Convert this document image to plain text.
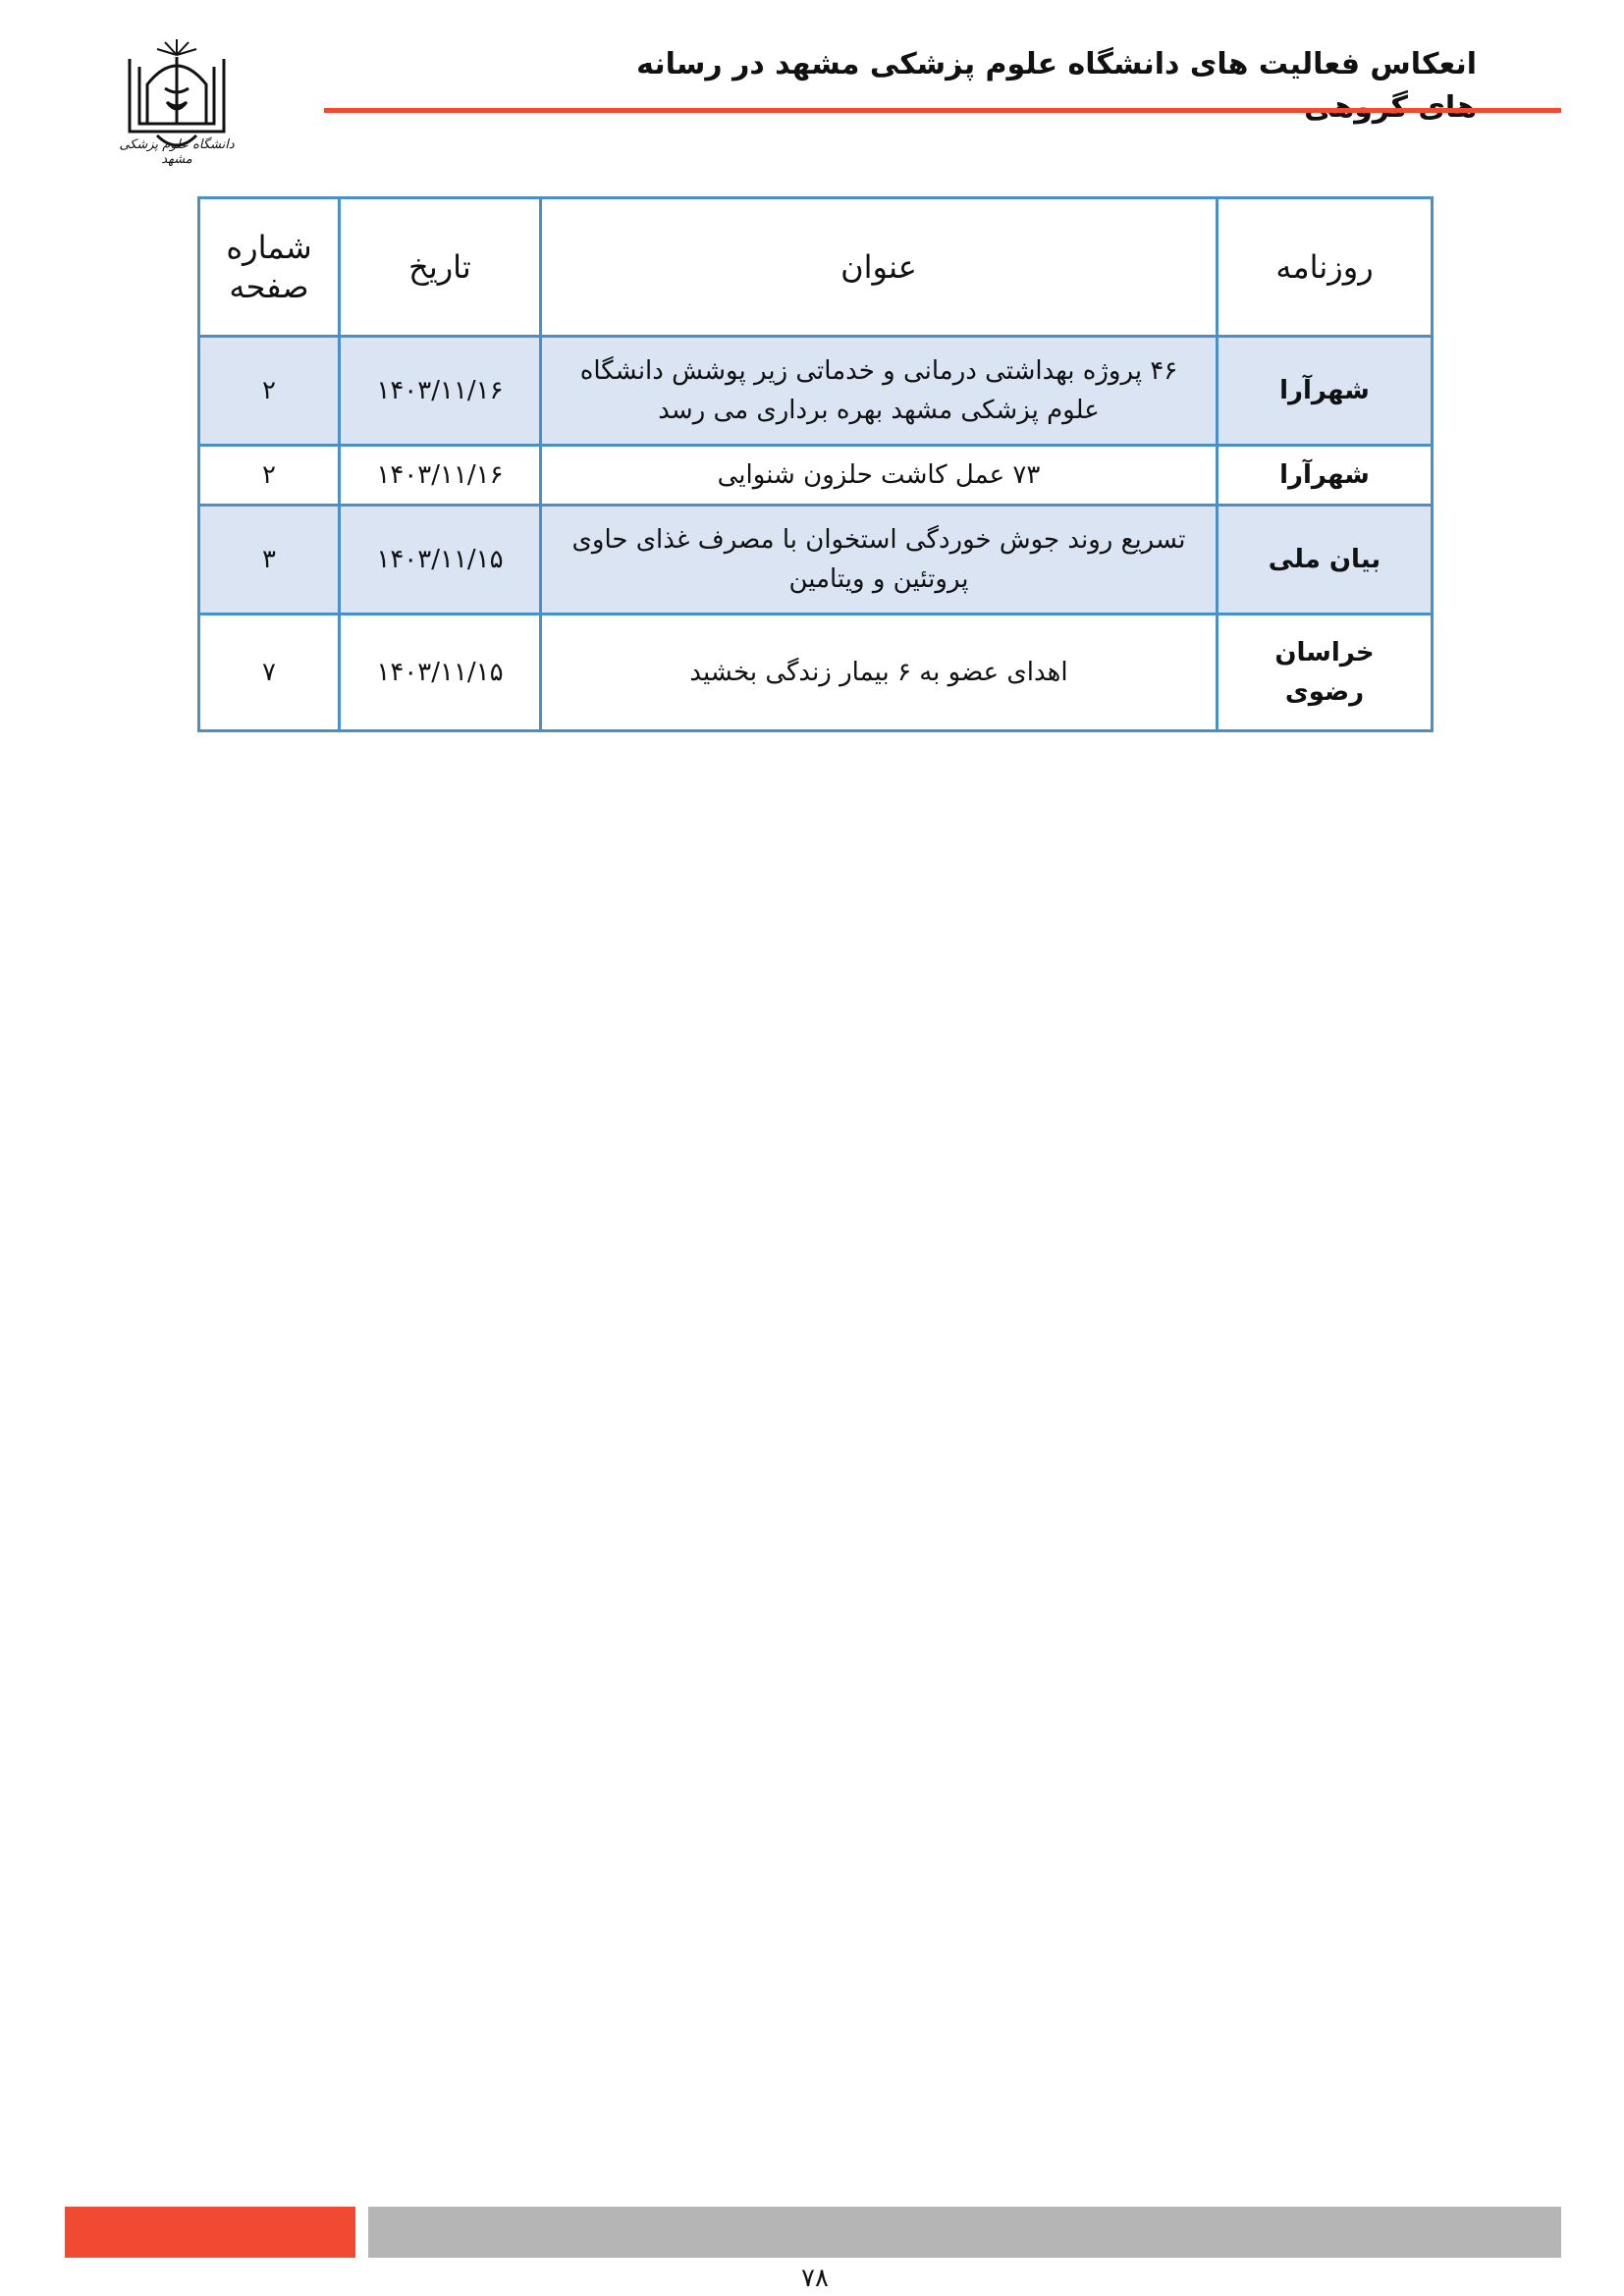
دانشگاه علوم پزشکی مشهد
انعکاس فعالیت های دانشگاه علوم پزشکی مشهد در رسانه
روزنامه	عنوان	تاریخ	شماره صفحه
شهرآرا	۴۶ پروژه بهداشتی درمانی و خدماتی زیر پوشش دانشگاه علوم پزشکی مشهد بهره برداری می رسد	۱۴۰۳/۱۱/۱۶	۲
شهرآرا	۷۳ عمل کاشت حلزون شنوایی	۱۴۰۳/۱۱/۱۶	۲
بیان ملی	تسریع روند جوش خوردگی استخوان با مصرف غذای حاوی پروتئین و ویتامین	۱۴۰۳/۱۱/۱۵	۳
خراسان رضوی	اهدای عضو به ۶ بیمار زندگی بخشید	۱۴۰۳/۱۱/۱۵	۷
۷۸
